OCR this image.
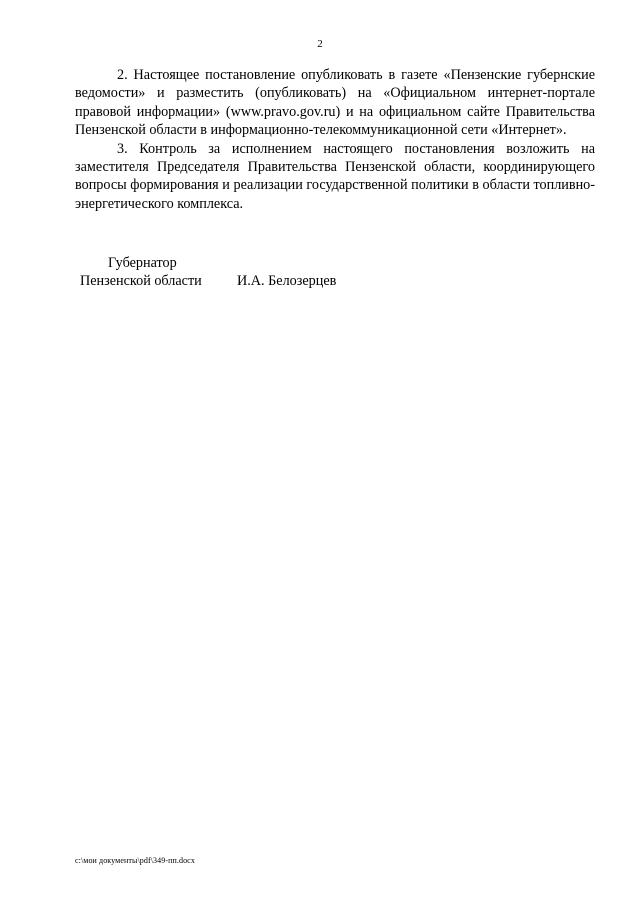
2

2. Настоящее постановление опубликовать в газете «Пензенские губернские ведомости» и разместить (опубликовать) на «Официальном интернет-портале правовой информации» (www.pravo.gov.ru) и на официальном сайте Правительства Пензенской области в информационно-телекоммуникационной сети «Интернет».

3. Контроль за исполнением настоящего постановления возложить на заместителя Председателя Правительства Пензенской области, координирующего вопросы формирования и реализации государственной политики в области топливно-энергетического комплекса.

Губернатор
Пензенской области	И.А. Белозерцев
c:\мои документы\pdf\349-пп.docx
